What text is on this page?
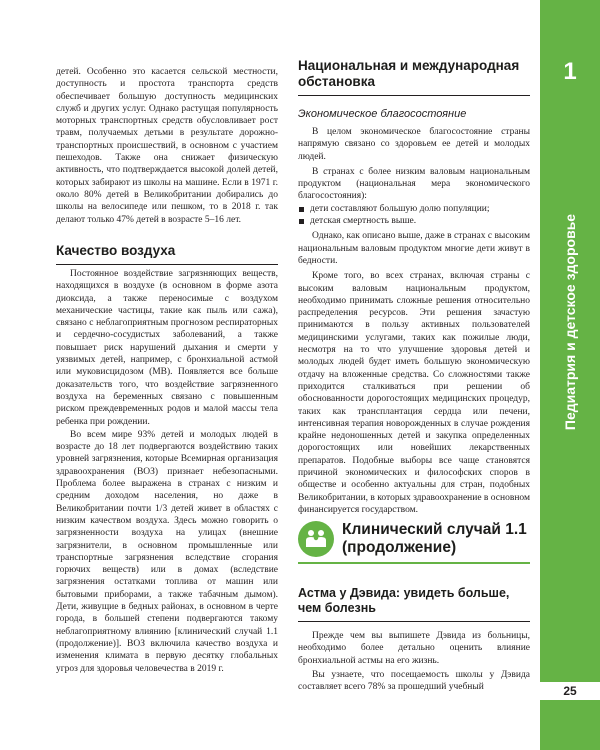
детей. Особенно это касается сельской местности, доступность и простота транспорта средств обеспечивает большую доступность медицинских служб и других услуг. Однако растущая популярность моторных транспортных средств обусловливает рост травм, получаемых детьми в результате дорожно-транспортных происшествий, в основном с участием пешеходов. Также она снижает физическую активность, что подтверждается высокой долей детей, которых забирают из школы на машине. Если в 1971 г. около 80% детей в Великобритании добирались до школы на велосипеде или пешком, то в 2018 г. так делают только 47% детей в возрасте 5–16 лет.

Качество воздуха

Постоянное воздействие загрязняющих веществ, находящихся в воздухе (в основном в форме азота диоксида, а также переносимые с воздухом механические частицы, такие как пыль или сажа), связано с неблагоприятным прогнозом респираторных и сердечно-сосудистых заболеваний, а также повышает риск нарушений дыхания и смерти у уязвимых детей, например, с бронхиальной астмой или муковисцидозом (МВ). Появляется все больше доказательств того, что воздействие загрязненного воздуха на беременных связано с повышенным риском преждевременных родов и малой массы тела ребенка при рождении.

Во всем мире 93% детей и молодых людей в возрасте до 18 лет подвергаются воздействию таких уровней загрязнения, которые Всемирная организация здравоохранения (ВОЗ) признает небезопасными. Проблема более выражена в странах с низким и средним доходом населения, но даже в Великобритании почти 1/3 детей живет в областях с низким качеством воздуха. Здесь можно говорить о загрязненности воздуха на улицах (внешние загрязнители, в основном промышленные или транспортные загрязнения вследствие сгорания горючих веществ) или в домах (вследствие загрязнения остатками топлива от машин или бытовыми приборами, а также табачным дымом). Дети, живущие в бедных районах, в основном в черте города, в большей степени подвергаются такому неблагоприятному влиянию [клинический случай 1.1 (продолжение)]. ВОЗ включила качество воздуха и изменения климата в первую десятку глобальных угроз для здоровья человечества в 2019 г.

Национальная и международная
обстановка
Экономическое благосостояние

В целом экономическое благосостояние страны напрямую связано со здоровьем ее детей и молодых людей.

В странах с более низким валовым национальным продуктом (национальная мера экономического благосостояния):

дети составляют большую долю популяции;
детская смертность выше.

Однако, как описано выше, даже в странах с высоким национальным валовым продуктом многие дети живут в бедности.

Кроме того, во всех странах, включая страны с высоким валовым национальным продуктом, необходимо принимать сложные решения относительно распределения ресурсов. Эти решения зачастую принимаются в пользу активных пользователей медицинскими услугами, таких как пожилые люди, несмотря на то что улучшение здоровья детей и молодых людей будет иметь большую экономическую отдачу на вложенные средства. Со сложностями также приходится сталкиваться при решении об обоснованности дорогостоящих медицинских процедур, таких как трансплантация сердца или печени, интенсивная терапия новорожденных в случае рождения крайне недоношенных детей и закупка определенных дорогостоящих или новейших лекарственных препаратов. Подобные выборы все чаще становятся причиной экономических и философских споров в обществе и особенно актуальны для стран, подобных Великобритании, в которых здравоохранение в основном финансируется государством.

Клинический случай 1.1
(продолжение)
Астма у Дэвида: увидеть больше,
чем болезнь

Прежде чем вы выпишете Дэвида из больницы, необходимо более детально оценить влияние бронхиальной астмы на его жизнь.

Вы узнаете, что посещаемость школы у Дэвида составляет всего 78% за прошедший учебный

1
Педиатрия и детское здоровье
25
